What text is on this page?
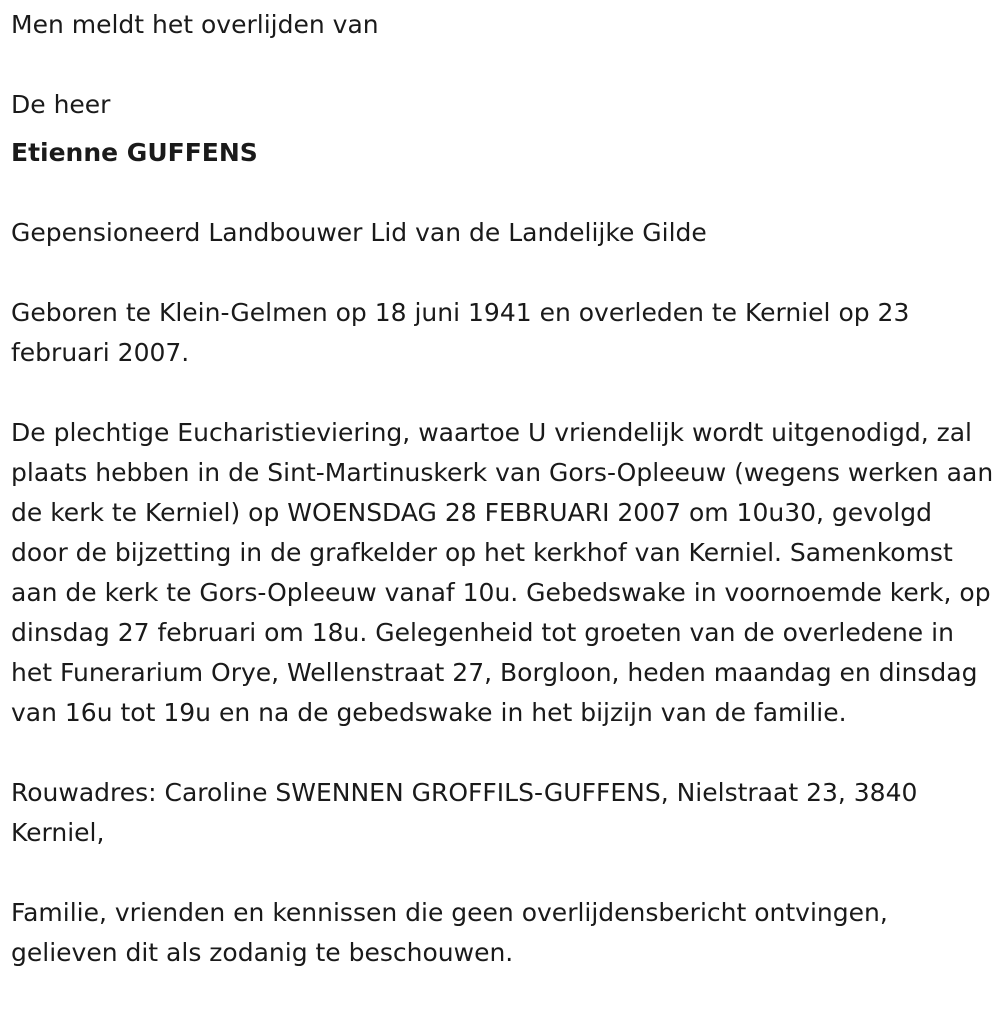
Men meldt het overlijden van

De heer

Etienne GUFFENS

Gepensioneerd Landbouwer Lid van de Landelijke Gilde

Geboren te Klein-Gelmen op 18 juni 1941 en overleden te Kerniel op 23 februari 2007.

De plechtige Eucharistieviering, waartoe U vriendelijk wordt uitgenodigd, zal plaats hebben in de Sint-Martinuskerk van Gors-Opleeuw (wegens werken aan de kerk te Kerniel) op WOENSDAG 28 FEBRUARI 2007 om 10u30, gevolgd door de bijzetting in de grafkelder op het kerkhof van Kerniel. Samenkomst aan de kerk te Gors-Opleeuw vanaf 10u. Gebedswake in voornoemde kerk, op dinsdag 27 februari om 18u. Gelegenheid tot groeten van de overledene in het Funerarium Orye, Wellenstraat 27, Borgloon, heden maandag en dinsdag van 16u tot 19u en na de gebedswake in het bijzijn van de familie.

Rouwadres: Caroline SWENNEN GROFFILS-GUFFENS, Nielstraat 23, 3840 Kerniel,

Familie, vrienden en kennissen die geen overlijdensbericht ontvingen, gelieven dit als zodanig te beschouwen.
